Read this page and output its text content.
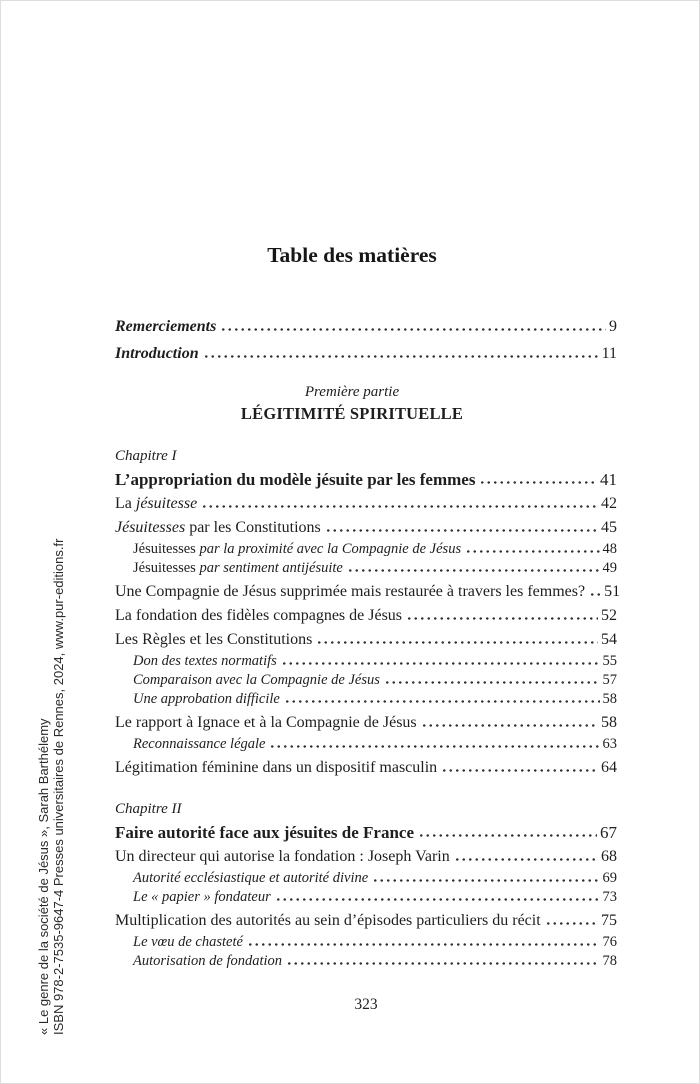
« Le genre de la société de Jésus », Sarah Barthélemy ISBN 978-2-7535-9647-4 Presses universitaires de Rennes, 2024, www.pur-editions.fr
Table des matières
Remerciements	9
Introduction	11
Première partie
LÉGITIMITÉ SPIRITUELLE
Chapitre I
L’appropriation du modèle jésuite par les femmes	41
La jésuitesse	42
Jésuitesses par les Constitutions	45
Jésuitesses par la proximité avec la Compagnie de Jésus	48
Jésuitesses par sentiment antijésuite	49
Une Compagnie de Jésus supprimée mais restaurée à travers les femmes? 51
La fondation des fidèles compagnes de Jésus	52
Les Règles et les Constitutions	54
Don des textes normatifs	55
Comparaison avec la Compagnie de Jésus	57
Une approbation difficile	58
Le rapport à Ignace et à la Compagnie de Jésus	58
Reconnaissance légale	63
Légitimation féminine dans un dispositif masculin	64
Chapitre II
Faire autorité face aux jésuites de France	67
Un directeur qui autorise la fondation : Joseph Varin	68
Autorité ecclésiastique et autorité divine	69
Le « papier » fondateur	73
Multiplication des autorités au sein d’épisodes particuliers du récit	75
Le vœu de chasteté	76
Autorisation de fondation	78
323
